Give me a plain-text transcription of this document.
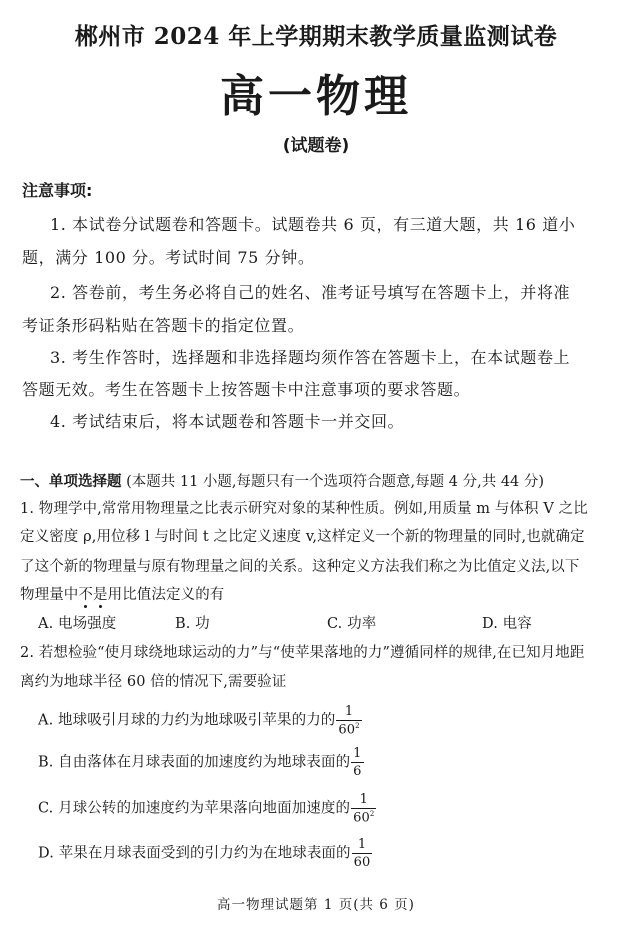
郴州市 2024 年上学期期末教学质量监测试卷
高一物理
(试题卷)
注意事项:
1. 本试卷分试题卷和答题卡。试题卷共 6 页，有三道大题，共 16 道小
题，满分 100 分。考试时间 75 分钟。
2. 答卷前，考生务必将自己的姓名、准考证号填写在答题卡上，并将准
考证条形码粘贴在答题卡的指定位置。
3. 考生作答时，选择题和非选择题均须作答在答题卡上，在本试题卷上
答题无效。考生在答题卡上按答题卡中注意事项的要求答题。
4. 考试结束后，将本试题卷和答题卡一并交回。
一、单项选择题 (本题共 11 小题,每题只有一个选项符合题意,每题 4 分,共 44 分)
1. 物理学中,常常用物理量之比表示研究对象的某种性质。例如,用质量 m 与体积 V 之比
定义密度 ρ,用位移 l 与时间 t 之比定义速度 v,这样定义一个新的物理量的同时,也就确定
了这个新的物理量与原有物理量之间的关系。这种定义方法我们称之为比值定义法,以下
物理量中不是
用比值法定义的有
A. 电场强度	B. 功	C. 功率	D. 电容
2. 若想检验“使月球绕地球运动的力”与“使苹果落地的力”遵循同样的规律,在已知月地距
离约为地球半径 60 倍的情况下,需要验证
A. 地球吸引月球的力约为地球吸引苹果的力的 $\frac{1}{60^2}$
B. 自由落体在月球表面的加速度约为地球表面的 $\frac{1}{6}$
C. 月球公转的加速度约为苹果落向地面加速度的 $\frac{1}{60^2}$
D. 苹果在月球表面受到的引力约为在地球表面的 $\frac{1}{60}$
高一物理试题第 1 页(共 6 页)
